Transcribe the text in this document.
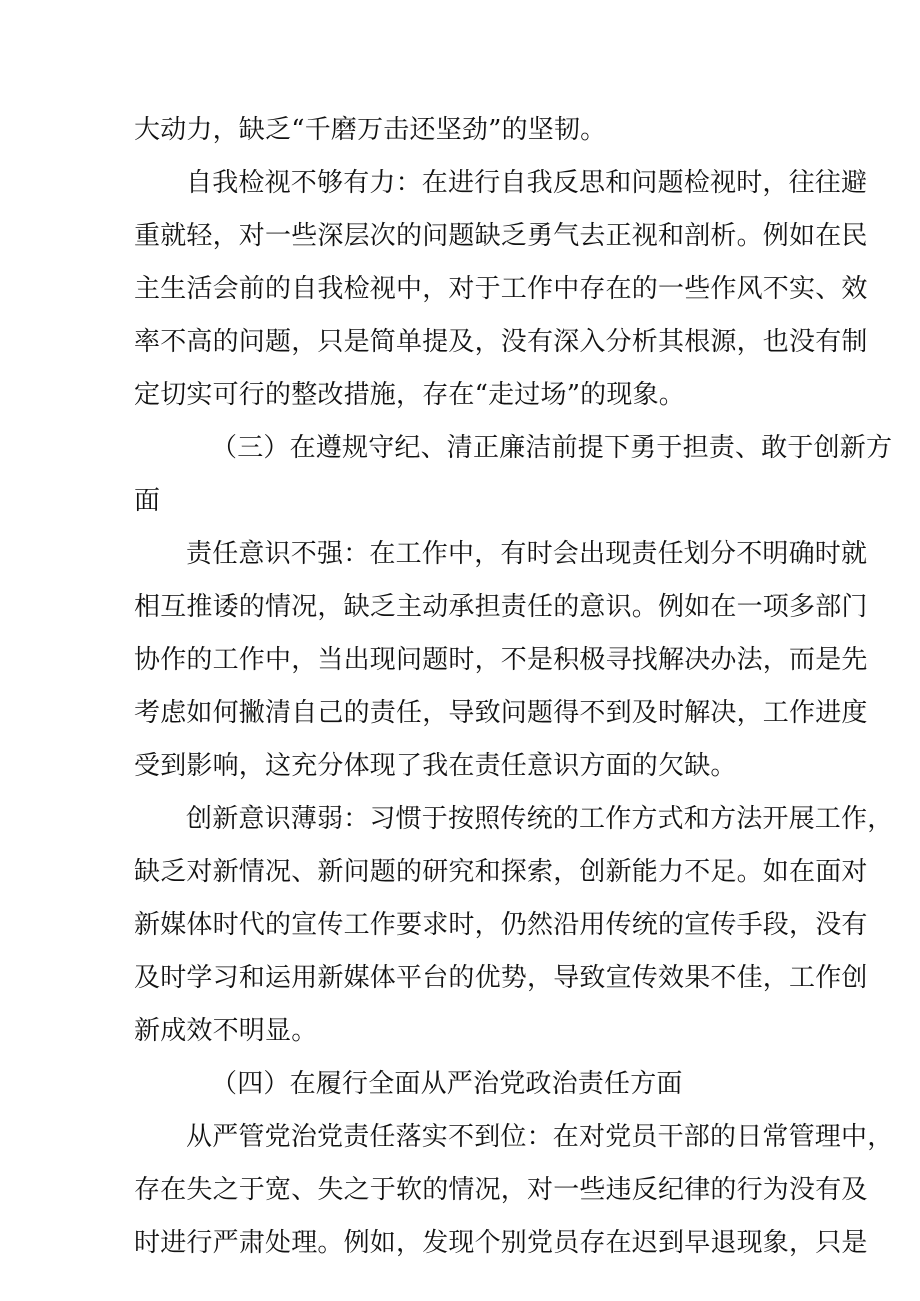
大动力，缺乏“千磨万击还坚劲”的坚韧。
自我检视不够有力：在进行自我反思和问题检视时，往往避
重就轻，对一些深层次的问题缺乏勇气去正视和剖析。例如在民
主生活会前的自我检视中，对于工作中存在的一些作风不实、效
率不高的问题，只是简单提及，没有深入分析其根源，也没有制
定切实可行的整改措施，存在“走过场”的现象。
（三）在遵规守纪、清正廉洁前提下勇于担责、敢于创新方
面
责任意识不强：在工作中，有时会出现责任划分不明确时就
相互推诿的情况，缺乏主动承担责任的意识。例如在一项多部门
协作的工作中，当出现问题时，不是积极寻找解决办法，而是先
考虑如何撇清自己的责任，导致问题得不到及时解决，工作进度
受到影响，这充分体现了我在责任意识方面的欠缺。
创新意识薄弱：习惯于按照传统的工作方式和方法开展工作，
缺乏对新情况、新问题的研究和探索，创新能力不足。如在面对
新媒体时代的宣传工作要求时，仍然沿用传统的宣传手段，没有
及时学习和运用新媒体平台的优势，导致宣传效果不佳，工作创
新成效不明显。
（四）在履行全面从严治党政治责任方面
从严管党治党责任落实不到位：在对党员干部的日常管理中，
存在失之于宽、失之于软的情况，对一些违反纪律的行为没有及
时进行严肃处理。例如，发现个别党员存在迟到早退现象，只是
